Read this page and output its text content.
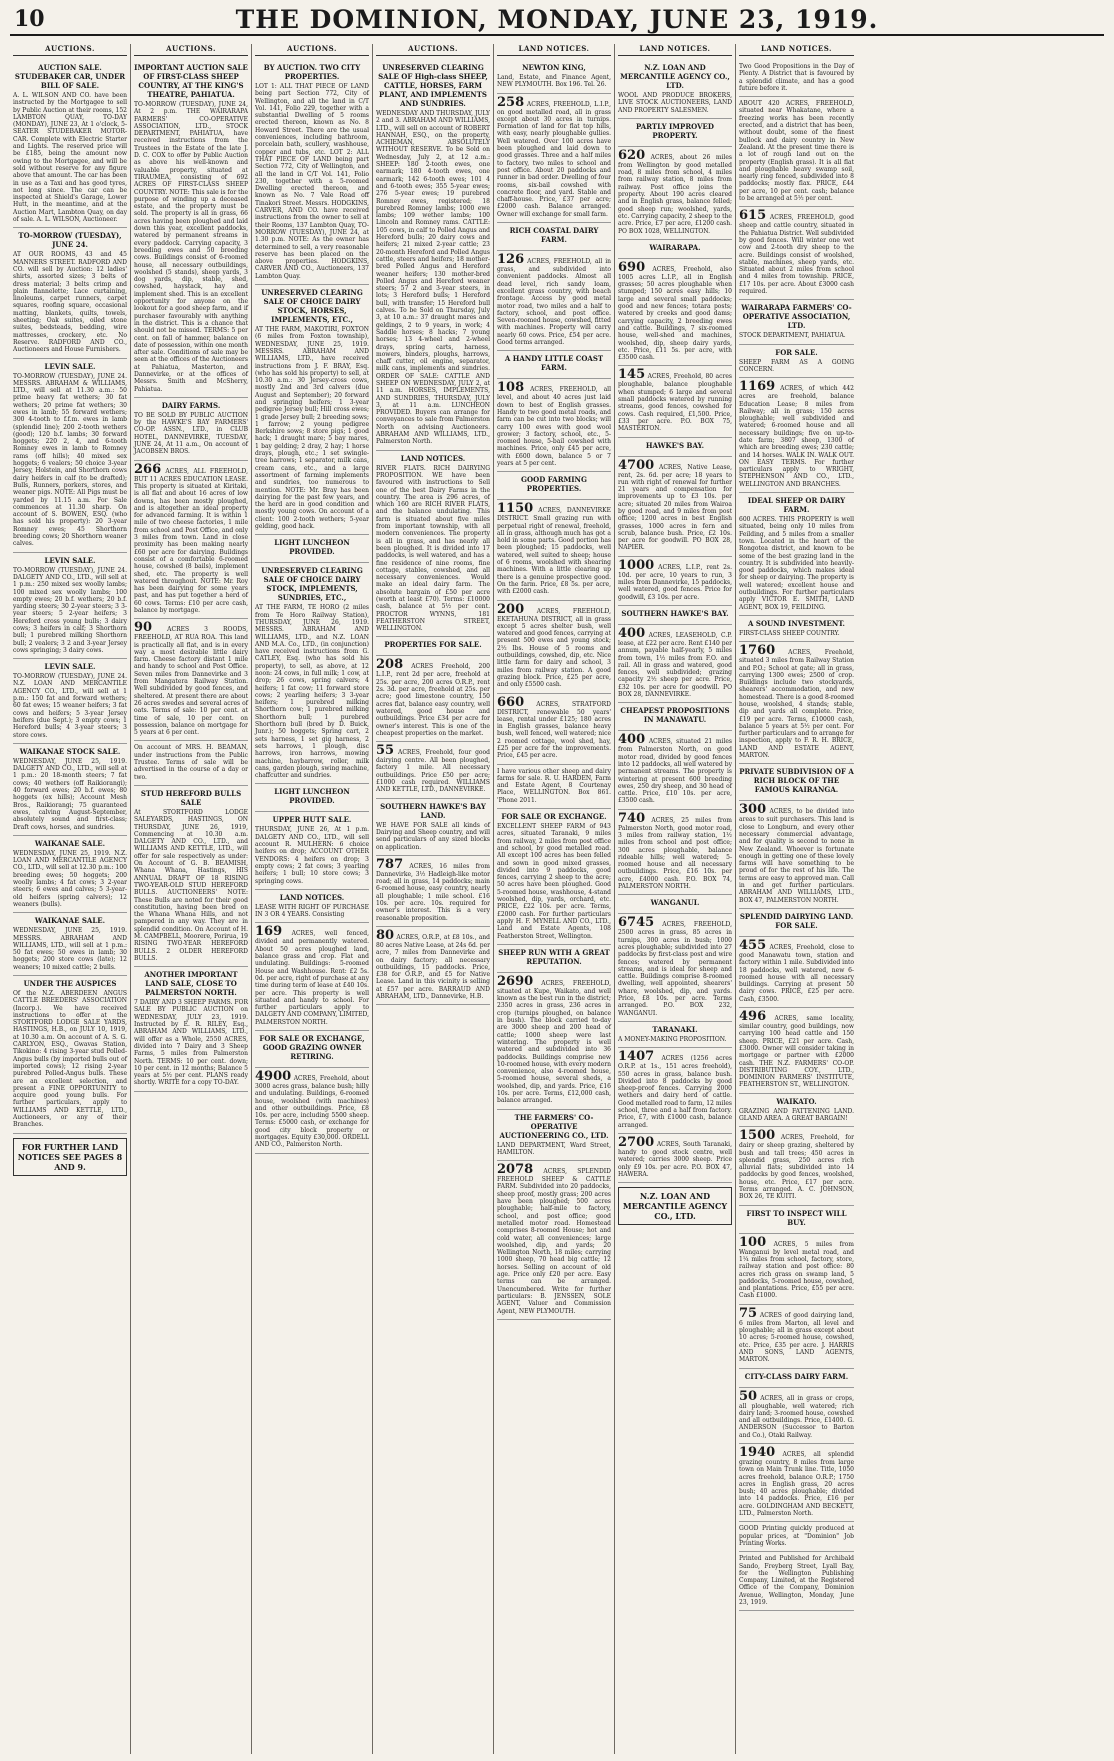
10	THE DOMINION, MONDAY, JUNE 23, 1919.
AUCTIONS.
AUCTION SALE. STUDEBAKER CAR, UNDER BILL OF SALE.
A. L. WILSON AND CO. have been instructed by the Mortgagee to sell by Public Auction at their rooms, 152 LAMBTON QUAY, TO-DAY (MONDAY), JUNE 23, At 1 o'clock, 5-SEATER STUDEBAKER MOTOR-CAR. Complete with Electric Starter and Lights. The reserved price will be £185, being the amount now owing to the Mortgagee, and will be sold without reserve for any figure above that amount. The car has been in use as a Taxi and has good tyres, not long since. The car can be inspected at Shield's Garage, Lower Hutt, in the meantime, and at the Auction Mart, Lambton Quay, on day of sale. A. L. WILSON, Auctioneer.
TO-MORROW (TUESDAY), JUNE 24.
AT OUR ROOMS, 43 and 45 MANNERS STREET. RADFORD AND CO. will sell by Auction: 12 ladies' shirts, assorted sizes; 3 belts of dress material; 3 belts crimp and plain flannelette; Lace curtaining, linoleums, carpet runners, carpet squares, roofing square, occasional matting, blankets, quilts, towels, sheeting; Oak suites, oiled stone suites, bedsteads, bedding, wire mattresses, crockery, etc. No Reserve. RADFORD AND CO., Auctioneers and House Furnishers.
LEVIN SALE.
TO-MORROW (TUESDAY), JUNE 24. MESSRS. ABRAHAM & WILLIAMS, LTD., will sell at 11.30 a.m.: 50 prime heavy fat wethers; 30 fat wethers; 20 prime fat wethers; 30 ewes in lamb; 55 forward wethers; 300 4-tooth to f.f.m. ewes in lamb (splendid line); 200 2-tooth wethers (good); 120 b.f. lambs; 30 forward hoggets; 220 2, 4, and 6-tooth Romney ewes in lamb to Romney rams (off hills); 40 mixed sex hoggets; 6 vealers; 50 choice 3-year Jersey, Holstein, and Shorthorn cows dairy heifers in calf (to be drafted); Bulls, Runners, porkers, stores, and weaner pigs. NOTE: All Pigs must be yarded by 11.15 a.m. For Sale commences at 11.30 sharp. On account of S. BOWEN, ESQ. (who has sold his property): 20 3-year Romney ewes; 45 Shorthorn breeding cows; 20 Shorthorn weaner calves.
LEVIN SALE.
TO-MORROW (TUESDAY), JUNE 24. DALGETY AND CO., LTD., will sell at 1 p.m.: 250 mixed sex woolly lambs; 100 mixed sex woolly lambs; 100 empty ewes; 20 b.f. wethers; 20 b.f. yarding steers; 30 2-year steers; 3 3-year steers; 5 2-year heifers; 3 Hereford cross young bulls; 3 dairy cows; 3 heifers in calf; 3 Shorthorn bull; 1 purebred milking Shorthorn bull; 2 vealers; 3 2 and 3-year Jersey cows springing; 3 dairy cows.
LEVIN SALE.
TO-MORROW (TUESDAY), JUNE 24. N.Z. LOAN AND MERCANTILE AGENCY CO., LTD., will sell at 1 p.m.: 150 fat and forward wethers; 60 fat ewes; 15 weaner heifers; 3 fat cows and heifers; 5 3-year Jersey heifers (due Sept.); 3 empty cows; 1 Hereford bulls; 4 3-year steers; 3 store cows.
WAIKANAE STOCK SALE.
WEDNESDAY, JUNE 25, 1919. DALGETY AND CO., LTD., will sell at 1 p.m.: 20 18-month steers; 7 fat cows; 40 wethers (off Raikiorangi); 40 forward ewes; 20 b.f. ewes; 80 hoggets (ex hills); Account Mesh Bros., Raikiorangi; 75 guaranteed ewes, calving August-September, absolutely sound and first-class; Draft cows, horses, and sundries.
WAIKANAE SALE.
WEDNESDAY, JUNE 25, 1919. N.Z. LOAN AND MERCANTILE AGENCY CO., LTD., will sell at 12.30 p.m.: 100 breeding ewes; 50 hoggets; 200 woolly lambs; 4 fat cows; 3 2-year steers; 6 ewes and calves; 5 3-year-old heifers (spring calvers); 12 weaners (bulls).
WAIKANAE SALE.
WEDNESDAY, JUNE 25, 1919. MESSRS. ABRAHAM AND WILLIAMS, LTD., will sell at 1 p.m.: 50 fat ewes; 50 ewes in lamb; 30 hoggets; 200 store cows (late); 12 weaners; 10 mixed cattle; 2 bulls.
UNDER THE AUSPICES
Of the N.Z. ABERDEEN ANGUS CATTLE BREEDERS' ASSOCIATION (Incorp.). We have received instructions to offer at the STORTFORD LODGE SALE YARDS, HASTINGS, H.B., on JULY 10, 1919, at 10.30 a.m. On account of A. S. G. CARLYON, ESQ., Gwavas Station, Tikokino: 4 rising 3-year stud Polled-Angus bulls (by imported bulls out of imported cows); 12 rising 2-year purebred Polled-Angus bulls. These are an excellent selection, and present a FINE OPPORTUNITY to acquire good young bulls. For further particulars, apply to WILLIAMS AND KETTLE, LTD., Auctioneers, or any of their Branches.
FOR FURTHER LAND NOTICES SEE PAGES 8 AND 9.
AUCTIONS.
IMPORTANT AUCTION SALE OF FIRST-CLASS SHEEP COUNTRY, AT THE KING'S THEATRE, PAHIATUA.
TO-MORROW (TUESDAY), JUNE 24, At 2 p.m. THE WAIRARAPA FARMERS' CO-OPERATIVE ASSOCIATION, LTD., STOCK DEPARTMENT, PAHIATUA, have received instructions from the Trustees in the Estate of the late J. D. C. COX to offer by Public Auction as above his well-known and valuable property, situated at TIRAUMEA, consisting of 692 ACRES OF FIRST-CLASS SHEEP COUNTRY. NOTE: This sale is for the purpose of winding up a deceased estate, and the property must be sold. The property is all in grass, 66 acres having been ploughed and laid down this year, excellent paddocks, watered by permanent streams in every paddock. Carrying capacity, 3 breeding ewes and 50 breeding cows. Buildings consist of 6-roomed house, all necessary outbuildings, woolshed (5 stands), sheep yards, 3 dog yards, dip, stable, shed, cowshed, haystack, hay and implement shed. This is an excellent opportunity for anyone on the lookout for a good sheep farm, and if purchaser favourably with anything in the district. This is a chance that should not be missed. TERMS: 5 per cent. on fall of hammer, balance on date of possession, within one month after sale. Conditions of sale may be seen at the offices of the Auctioneers at Pahiatua, Masterton, and Dannevirke, or at the offices of Messrs. Smith and McSherry, Pahiatua.
DAIRY FARMS.
TO BE SOLD BY PUBLIC AUCTION by the HAWKE'S BAY FARMERS' CO-OP. ASSN., LTD., in CLUB HOTEL, DANNEVIRKE, TUESDAY, JUNE 24, At 11 a.m., On account of JACOBSEN BROS.
266 ACRES, ALL FREEHOLD, BUT 11 ACRES EDUCATION LEASE. This property is situated at Kiritaki, is all flat and about 16 acres of low downs, has been mostly ploughed, and is altogether an ideal property for advanced farming. It is within 1 mile of two cheese factories, 1 mile from school and Post Office, and only 3 miles from town. Land in close proximity has been making nearly £60 per acre for dairying. Buildings consist of a comfortable 6-roomed house, cowshed (8 bails), implement shed, etc. The property is well watered throughout. NOTE: Mr. Roy has been dairying for some years past, and has put together a herd of 60 cows. Terms: £10 per acre cash, balance by mortgage.
90	ACRES 3 ROODS, FREEHOLD, AT RUA ROA. This land is practically all flat, and is in every way a most desirable little dairy farm. Cheese factory distant 1 mile and handy to school and Post Office. Seven miles from Dannevirke and 3 from Mangatera Railway Station. Well subdivided by good fences, and sheltered. At present there are about 26 acres swedes and several acres of oats. Terms of sale: 10 per cent. at time of sale, 10 per cent. on possession, balance on mortgage for 5 years at 6 per cent.
On account of MRS. H. BEAMAN, under instructions from the Public Trustee. Terms of sale will be advertised in the course of a day or two.
STUD HEREFORD BULLS SALE
At STORTFORD LODGE SALEYARDS, HASTINGS, ON THURSDAY, JUNE 26, 1919, Commencing at 10.30 a.m. DALGETY AND CO., LTD., and WILLIAMS AND KETTLE, LTD., will offer for sale respectively as under: On Account of G. B. BEAMISH, Whana Whana, Hastings, HIS ANNUAL DRAFT OF 18 RISING TWO-YEAR-OLD STUD HEREFORD BULLS. AUCTIONEERS' NOTE: These Bulls are noted for their good constitution, having been bred on the Whana Whana Hills, and not pampered in any way. They are in splendid condition. On Account of H. M. CAMPBELL, Moorere, Porirua, 19 RISING TWO-YEAR HEREFORD BULLS. 2 OLDER HEREFORD BULLS.
ANOTHER IMPORTANT LAND SALE, CLOSE TO PALMERSTON NORTH.
7 DAIRY AND 3 SHEEP FARMS. FOR SALE BY PUBLIC AUCTION on WEDNESDAY, JULY 23, 1919. Instructed by E. R. RILEY, Esq., ABRAHAM AND WILLIAMS, LTD., will offer as a Whole, 2550 ACRES, divided into 7 Dairy and 3 Sheep Farms, 5 miles from Palmerston North. TERMS: 10 per cent. down; 10 per cent. in 12 months; Balance 5 years at 5½ per cent. PLANS ready shortly. WRITE for a copy TO-DAY.
AUCTIONS.
BY AUCTION. TWO CITY PROPERTIES.
LOT 1: ALL THAT PIECE OF LAND being part Section 772, City of Wellington, and all the land in C/T Vol. 141, Folio 229, together with a substantial Dwelling of 5 rooms erected thereon, known as No. 8 Howard Street. There are the usual conveniences, including bathroom, porcelain bath, scullery, washhouse, copper and tubs, etc. LOT 2: ALL THAT PIECE OF LAND being part Section 772, City of Wellington, and all the land in C/T Vol. 141, Folio 230, together with a 5-roomed Dwelling erected thereon, and known as No. 7 Vale Road off Tinakori Street. Messrs. HODGKINS, CARVER, AND CO. have received instructions from the owner to sell at their Rooms, 137 Lambton Quay, TO-MORROW (TUESDAY), JUNE 24, at 1.30 p.m. NOTE: As the owner has determined to sell, a very reasonable reserve has been placed on the above properties. HODGKINS, CARVER AND CO., Auctioneers, 137 Lambton Quay.
UNRESERVED CLEARING SALE OF CHOICE DAIRY STOCK, HORSES, IMPLEMENTS, ETC.,
AT THE FARM, MAKOTIRI, FOXTON (6 miles from Foxton township), WEDNESDAY, JUNE 25, 1919. MESSRS. ABRAHAM AND WILLIAMS, LTD., have received instructions from J. F. BRAY, Esq. (who has sold his property) to sell, at 10.30 a.m.: 30 Jersey-cross cows, mostly 2nd and 3rd calvers (due August and September); 20 forward and springing heifers; 1 3-year pedigree Jersey bull; Hill cross ewes; 1 grade Jersey bull; 2 breeding sows; 1 farrow; 2 young pedigree Berkshire sows; 8 store pigs; 1 good hack; 1 draught mare; 5 bay mares, 1 bay gelding; 2 dray, 2 hay; 1 horse drays, plough, etc.; 1 set swingle-tree harrows; 1 separator, milk cans, cream cans, etc., and a large assortment of farming implements and sundries, too numerous to mention. NOTE: Mr. Bray has been dairying for the past few years, and the herd are in good condition and mostly young cows. On account of a client: 100 2-tooth wethers; 5-year gelding, good hack.
LIGHT LUNCHEON PROVIDED.
UNRESERVED CLEARING SALE OF CHOICE DAIRY STOCK, IMPLEMENTS, SUNDRIES, ETC.,
AT THE FARM, TE HORO (2 miles from Te Horo Railway Station), THURSDAY, JUNE 26, 1919. MESSRS. ABRAHAM AND WILLIAMS, LTD., and N.Z. LOAN AND M.A. Co., LTD., (in conjunction) have received instructions from G. CATLEY, Esq. (who has sold his property), to sell, as above, at 12 noon: 24 cows, in full milk; 1 cow, at drop; 26 cows, spring calvers; 4 heifers; 1 fat cow; 11 forward store cows; 2 yearling heifers; 3 3-year heifers; 1 purebred milking Shorthorn cow; 1 purebred milking Shorthorn bull; 1 purebred Shorthorn bull (bred by D. Buick, Junr.); 50 hoggets; Spring cart, 2 sets harness, 1 set gig harness, 2 sets harrows, 1 plough, disc harrows, iron harrows, mowing machine, haybarrow, roller, milk cans, garden plough, swing machine, chaffcutter and sundries.
LIGHT LUNCHEON PROVIDED.
UPPER HUTT SALE.
THURSDAY, JUNE 26, At 1 p.m. DALGETY AND CO., LTD., will sell account R. MULHERN: 6 choice heifers on drop; ACCOUNT OTHER VENDORS: 4 heifers on drop; 3 empty cows; 2 fat cows; 3 yearling heifers; 1 bull; 10 store cows; 3 springing cows.
LAND NOTICES.
LEASE WITH RIGHT OF PURCHASE IN 3 OR 4 YEARS. Consisting
169 ACRES, well fenced, divided and permanently watered. About 50 acres ploughed land, balance grass and crop. Flat and undulating. Buildings: 5-roomed House and Washhouse. Rent: £2 5s. 0d. per acre, right of purchase at any time during term of lease at £40 10s. per acre. This property is well situated and handy to school. For further particulars apply to DALGETY AND COMPANY, LIMITED, PALMERSTON NORTH.
FOR SALE OR EXCHANGE, GOOD GRAZING OWNER RETIRING.
4900 ACRES, Freehold, about 3000 acres grass, balance bush; hilly and undulating. Buildings, 6-roomed house, woolshed (with machines) and other outbuildings. Price, £8 10s. per acre, including 5500 sheep. Terms: £5000 cash, or exchange for good city block property or mortgages. Equity £30,000. ORDELL AND CO., Palmerston North.
AUCTIONS.
UNRESERVED CLEARING SALE OF High-class SHEEP, CATTLE, HORSES, FARM PLANT, AND IMPLEMENTS AND SUNDRIES.
WEDNESDAY AND THURSDAY, JULY 2 and 3. ABRAHAM AND WILLIAMS, LTD., will sell on account of ROBERT HANNAH, ESQ., on the property, ACHIEMAN, ABSOLUTELY WITHOUT RESERVE. To be Sold on Wednesday, July 2, at 12 a.m.: SHEEP: 180 2-tooth ewes, one earmark; 180 4-tooth ewes, one earmark; 142 6-tooth ewes; 101 4 and 6-tooth ewes; 355 5-year ewes; 276 5-year ewes; 19 purebred Romney ewes, registered; 18 purebred Romney lambs; 1000 ewe lambs; 109 wether lambs; 100 Lincoln and Romney rams. CATTLE: 105 cows, in calf to Polled Angus and Hereford bulls; 20 dairy cows and heifers; 21 mixed 2-year cattle; 23 20-month Hereford and Polled Angus cattle, steers and heifers; 18 mother-bred Polled Angus and Hereford weaner heifers; 130 mother-bred Polled Angus and Hereford weaner steers; 57 2 and 3-year steers, in lots; 3 Hereford bulls; 1 Hereford bull, with transfer; 15 Hereford bull calves. To be Sold on Thursday, July 3, at 10 a.m.: 37 draught mares and geldings, 2 to 9 years, in work; 4 Saddle horses; 8 hacks; 7 young horses; 13 4-wheel and 2-wheel drays, spring carts, harness, mowers, binders, ploughs, harrows, chaff cutter, oil engine, separator, milk cans, implements and sundries. ORDER OF SALE: CATTLE AND SHEEP ON WEDNESDAY, JULY 2, at 11 a.m. HORSES, IMPLEMENTS, AND SUNDRIES, THURSDAY, JULY 3, at 11 a.m. LUNCHEON PROVIDED. Buyers can arrange for conveyances to sale from Palmerston North on advising Auctioneers. ABRAHAM AND WILLIAMS, LTD., Palmerston North.
LAND NOTICES.
RIVER FLATS. RICH DAIRYING PROPOSITION. WE have been favoured with instructions to Sell one of the best Dairy Farms in the country. The area is 296 acres, of which 160 are RICH RIVER FLATS, and the balance undulating. This farm is situated about five miles from important township, with all modern conveniences. The property is all in grass, and has nearly all been ploughed. It is divided into 17 paddocks, is well watered, and has a fine residence of nine rooms, fine cottage, stables, cowshed, and all necessary conveniences. Would make an ideal dairy farm. The absolute bargain of £50 per acre (worth at least £70). Terms: £10000 cash, balance at 5½ per cent. PROCTOR WYNNS, 181 FEATHERSTON STREET, WELLINGTON.
PROPERTIES FOR SALE.
208 ACRES Freehold, 200 L.I.P., rent 2d per acre, freehold at 25s. per acre, 200 acres O.R.P., rent 2s. 3d. per acre, freehold at 25s. per acre; good limestone country, 150 acres flat, balance easy country, well watered, good house and outbuildings. Price £34 per acre for owner's interest. This is one of the cheapest properties on the market.
55 ACRES, Freehold, four good dairying centre. All been ploughed, factory 1 mile. All necessary outbuildings. Price £50 per acre; £1000 cash required. WILLIAMS AND KETTLE, LTD., DANNEVIRKE.
SOUTHERN HAWKE'S BAY LAND.
WE HAVE FOR SALE all kinds of Dairying and Sheep country, and will send particulars of any sized blocks on application.
787 ACRES, 16 miles from Dannevirke, 3½ Hadleigh-like motor road; all in grass, 14 paddocks; main 6-roomed house, easy country, nearly all ploughable; 1 mile school. £16 10s. per acre. 10s. required for owner's interest. This is a very reasonable proposition.
80 ACRES, O.R.P., at £8 10s., and 80 acres Native Lease, at 24s 6d. per acre, 7 miles from Dannevirke and on dairy factory; all necessary outbuildings, 15 paddocks. Price, £38 for O.R.P., and £5 for Native Lease. Land in this vicinity is selling at £57 per acre. BARRAUD AND ABRAHAM, LTD., Dannevirke, H.B.
LAND NOTICES.
NEWTON KING,
Land, Estate, and Finance Agent, NEW PLYMOUTH. Box 196. Tel. 26.
258 ACRES, FREEHOLD, L.I.P., on good metalled road, all in grass except about 30 acres in turnips. Formation of land for flat top hills, with easy, nearly ploughable gullies. Well watered. Over 100 acres have been ploughed and laid down to good grasses. Three and a half miles to factory, two miles to school and post office. About 20 paddocks and runner in bad order. Dwelling of four rooms, six-bail cowshed with concrete floor, and yard. Stable and chaff-house. Price, £37 per acre; £2000 cash. Balance arranged. Owner will exchange for small farm.
RICH COASTAL DAIRY FARM.
126 ACRES, FREEHOLD, all in grass, and subdivided into convenient paddocks. Almost all dead level, rich sandy loam, excellent grass country, with beach frontage. Access by good metal motor road, two miles and a half to factory, school, and post office. Seven-roomed house, cowshed, fitted with machines. Property will carry nearly 60 cows. Price, £54 per acre. Good terms arranged.
A HANDY LITTLE COAST FARM.
108 ACRES, FREEHOLD, all level, and about 40 acres just laid down to best of English grasses. Handy to two good metal roads, and farm can be cut into two blocks; will carry 100 ewes with good wool grower; 3 factory, school, etc., 5-roomed house, 5-bail cowshed with machines. Price, only £45 per acre, with £600 down, balance 5 or 7 years at 5 per cent.
GOOD FARMING PROPERTIES.
1150 ACRES, DANNEVIRKE DISTRICT. Small grazing run with perpetual right of renewal, freehold, all in grass, although much has got a hold in some parts. Good portion has been ploughed; 15 paddocks, well watered, well suited to sheep; house of 6 rooms, woolshed with shearing machines. With a little clearing up there is a genuine prospective good. On the farm. Price, £8 5s. per acre, with £2000 cash.
200 ACRES, FREEHOLD, EKETAHUNA DISTRICT, all in grass except 5 acres shelter bush, well watered and good fences, carrying at present 500 ewes and young stock; 2½ Ibs. House of 5 rooms and outbuildings, cowshed, dip, etc. Nice little farm for dairy and school, 3 miles from railway station. A good grazing block. Price, £25 per acre, and only £5500 cash.
660 ACRES, STRATFORD DISTRICT, renewable 50 years' lease, rental under £125; 180 acres in English grasses, balance heavy bush, well fenced, well watered; nice 2 roomed cottage, wool shed, hay, £25 per acre for the improvements. Price, £45 per acre.
I have various other sheep and dairy farms for sale. R. U. HARDEN, Farm and Estate Agent, 8 Courtenay Place, WELLINGTON. Box 861. 'Phone 2011.
FOR SALE OR EXCHANGE.
EXCELLENT SHEEP FARM of 943 acres, situated Taranaki, 9 miles from railway, 2 miles from post office and school, by good metalled road. All except 100 acres has been felled and sown in good mixed grasses, divided into 9 paddocks, good fences, carrying 2 sheep to the acre; 50 acres have been ploughed. Good 5-roomed house, washhouse, 4-stand woolshed, dip, yards, orchard, etc. PRICE, £22 10s. per acre. Terms, £2000 cash. For further particulars apply H. F. MYNELL AND CO., LTD., Land and Estate Agents, 108 Featherston Street, Wellington.
SHEEP RUN WITH A GREAT REPUTATION.
2690 ACRES, FREEHOLD, situated at Kupe, Waikato, and well known as the best run in the district; 2350 acres in grass, 236 acres in crop (turnips ploughed, on balance in bush). The block carried to-day are 3000 sheep and 200 head of cattle; 1000 sheep were last wintering. The property is well watered and subdivided into 36 paddocks. Buildings comprise new 10-roomed house, with every modern convenience, also 4-roomed house, 5-roomed house, several sheds, a woolshed, dip, and yards. Price, £16 10s. per acre. Terms, £12,000 cash, balance arranged.
THE FARMERS' CO-OPERATIVE AUCTIONEERING CO., LTD.
LAND DEPARTMENT, Ward Street, HAMILTON.
2078 ACRES, SPLENDID FREEHOLD SHEEP & CATTLE FARM. Subdivided into 20 paddocks, sheep proof, mostly grass; 200 acres have been ploughed; 500 acres ploughable; half-mile to factory, school, and post office; good metalled motor road. Homestead comprises 8-roomed House; hot and cold water, all conveniences; large woolshed, dip, and yards; 20 Wellington North, 18 miles; carrying 1000 sheep, 70 head big cattle; 12 horses. Selling on account of old age. Price only £20 per acre. Easy terms can be arranged. Unencumbered. Write for further particulars: B. JENSSEN, SOLE AGENT, Valuer and Commission Agent, NEW PLYMOUTH.
LAND NOTICES.
N.Z. LOAN AND MERCANTILE AGENCY CO., LTD.
WOOL AND PRODUCE BROKERS, LIVE STOCK AUCTIONEERS, LAND AND PROPERTY SALESMEN.
PARTLY IMPROVED PROPERTY.
620 ACRES, about 26 miles from Wellington by good metalled road, 8 miles from school, 4 miles from railway station, 8 miles from railway. Post office joins the property. About 190 acres cleared and in English grass, balance felled; good sheep run; woolshed, yards, etc. Carrying capacity, 2 sheep to the acre. Price, £7 per acre, £1200 cash. PO BOX 1028, WELLINGTON.
WAIRARAPA.
690 ACRES, Freehold, also 1005 acres L.I.P., all in English grasses; 50 acres ploughable when stumped; 150 acres easy hills; 10 large and several small paddocks; good and new fences; totara posts; watered by creeks and good dams; carrying capacity, 2 breeding ewes and cattle. Buildings, 7 six-roomed house, well-shed and machines, woolshed, dip, sheep dairy yards, etc. Price, £11 5s. per acre, with £3500 cash.
145 ACRES, Freehold, 80 acres ploughable, balance ploughable when stumped; 6 large and several small paddocks watered by running streams, good fences, cowshed for cows. Cash required, £1,500. Price, £33 per acre. P.O. BOX 75, MASTERTON.
HAWKE'S BAY.
4700 ACRES, Native Lease, rent, 2s. 6d. per acre; 18 years to run with right of renewal for further 21 years and compensation for improvements up to £3 10s. per acre; situated 20 miles from Wairoa by good road, and 9 miles from post office; 1200 acres in best English grasses, 1000 acres in fern and scrub, balance bush. Price, £2 10s. per acre for goodwill. PO BOX 28, NAPIER.
1000 ACRES, L.I.P., rent 2s. 10d. per acre, 10 years to run, 3 miles from Dannevirke, 15 paddocks, well watered, good fences. Price for goodwill, £3 10s. per acre.
SOUTHERN HAWKE'S BAY.
400 ACRES, LEASEHOLD, C.P. lease, at £22 per acre. Rent £140 per annum, payable half-yearly, 5 miles from town, 1½ miles from F.O. and rail. All in grass and watered, good fences, well subdivided; grazing capacity 2½ sheep per acre. Price, £32 10s. per acre for goodwill. PO BOX 28, DANNEVIRKE.
CHEAPEST PROPOSITIONS IN MANAWATU.
400 ACRES, situated 21 miles from Palmerston North, on good motor road, divided by good fences into 12 paddocks, all well watered by permanent streams. The property is wintering at present 600 breeding ewes, 250 dry sheep, and 30 head of cattle. Price, £10 10s. per acre, £3500 cash.
740 ACRES, 25 miles from Palmerston North, good motor road, 3 miles from railway station, 1½ miles from school and post office; 300 acres ploughable, balance rideable hills; well watered; 5-roomed house and all necessary outbuildings. Price, £16 10s. per acre, £4000 cash. P.O. BOX 74, PALMERSTON NORTH.
WANGANUI.
6745 ACRES, FREEHOLD, 2500 acres in grass, 85 acres in turnips, 300 acres in bush; 1000 acres ploughable; subdivided into 27 paddocks by first-class post and wire fences; watered by permanent streams, and is ideal for sheep and cattle. Buildings comprise 8-roomed dwelling, well appointed, shearers' whare, woolshed, dip, and yards. Price, £8 10s. per acre. Terms arranged. P.O. BOX 232, WANGANUI.
TARANAKI.
A MONEY-MAKING PROPOSITION.
1407 ACRES (1256 acres O.R.P. at 1s., 151 acres freehold), 550 acres in grass, balance bush. Divided into 8 paddocks by good sheep-proof fences. Carrying 2000 wethers and dairy herd of cattle. Good metalled road to farm, 12 miles school, three and a half from factory. Price, £7, with £1000 cash, balance arranged.
2700 ACRES, South Taranaki, handy to good stock centre, well watered; carries 3000 sheep. Price only £9 10s. per acre. P.O. BOX 47, HAWERA.
N.Z. LOAN AND MERCANTILE AGENCY CO., LTD.
LAND NOTICES.
Two Good Propositions in the Day of Plenty. A District that is favoured by a splendid climate, and has a good future before it.
ABOUT 420 ACRES, FREEHOLD, situated near Whakatane, where a freezing works has been recently erected, and a district that has been, without doubt, some of the finest bullock and dairy country in New Zealand. At the present time there is a lot of rough land out on the property (English grass). It is all flat and ploughable heavy swamp soil, nearly ring fenced, subdivided into 8 paddocks; mostly flax. PRICE, £44 per acre, 10 per cent. cash; balance to be arranged at 5½ per cent.
615 ACRES, FREEHOLD, good sheep and cattle country, situated in the Pahiatua District. Well subdivided by good fences. Will winter one wet cow and 2-tooth dry sheep to the acre. Buildings consist of woolshed, stable, machines, sheep yards, etc. Situated about 2 miles from school and 4 miles from township. PRICE, £17 10s. per acre. About £3000 cash required.
WAIRARAPA FARMERS' CO-OPERATIVE ASSOCIATION, LTD.
STOCK DEPARTMENT, PAHIATUA.
FOR SALE.
SHEEP FARM AS A GOING CONCERN.
1169 ACRES, of which 442 acres are freehold, balance Education Lease; 8 miles from Railway; all in grass; 150 acres ploughable; well subdivided and watered; 6-roomed house and all necessary buildings; five on up-to-date farm; 3807 sheep, 1300 of which are breeding ewes; 230 cattle; and 14 horses. WALK IN. WALK OUT. ON EASY TERMS. For further particulars apply to WRIGHT, STEPHENSON AND CO., LTD., WELLINGTON AND BRANCHES.
IDEAL SHEEP OR DAIRY FARM.
600 ACRES. THIS PROPERTY is well situated, being only 10 miles from Feilding, and 5 miles from a smaller town. Located in the heart of the Rongotea district, and known to be some of the best grazing land in the country. It is subdivided into heavily-good paddocks, which makes ideal for sheep or dairying. The property is well watered; excellent house and outbuildings. For further particulars apply VICTOR E. SMITH, LAND AGENT, BOX 19, FEILDING.
A SOUND INVESTMENT.
FIRST-CLASS SHEEP COUNTRY.
1760 ACRES, Freehold, situated 3 miles from Railway Station and P.O.; School at gate; all in grass, carrying 1300 ewes; 2500 of crop. Buildings include two stockyards, shearers' accommodation, and new homestead. There is a good 8-roomed house, woolshed, 4 stands; stable, dip and yards all complete. Price, £19 per acre. Terms, £10000 cash, balance 5 years at 5½ per cent. For further particulars and to arrange for inspection, apply to F. R. H. BRICE, LAND AND ESTATE AGENT, MARTON.
PRIVATE SUBDIVISION OF A RICH BLOCK OF THE FAMOUS KAIRANGA.
300 ACRES, to be divided into areas to suit purchasers. This land is close to Longburn, and every other necessary commercial advantage, and for quality is second to none in New Zealand. Whoever is fortunate enough in getting one of these lovely farms will have something to be proud of for the rest of his life. The terms are easy to approved man. Call in and get further particulars. ABRAHAM AND WILLIAMS, LTD., BOX 47, PALMERSTON NORTH.
SPLENDID DAIRYING LAND. FOR SALE.
455 ACRES, Freehold, close to good Manawatu town, station and factory within 1 mile. Subdivided into 18 paddocks, well watered, new 6-roomed house with all necessary buildings. Carrying at present 50 dairy cows. PRICE, £25 per acre. Cash, £3500.
496 ACRES, same locality, similar country, good buildings, now carrying 100 head cattle and 150 sheep. PRICE, £21 per acre. Cash, £3000. Owner will consider taking in mortgage or partner with £2000 cash. THE N.Z. FARMERS' CO-OP. DISTRIBUTING COY., LTD., DOMINION FARMERS' INSTITUTE, FEATHERSTON ST., WELLINGTON.
WAIKATO.
GRAZING AND FATTENING LAND. GLAND AREA. A GREAT BARGAIN!
1500 ACRES, Freehold, for dairy or sheep grazing, sheltered by bush and tall trees; 450 acres in splendid grass, 250 acres rich alluvial flats; subdivided into 14 paddocks by good fences, woolshed, house, etc. Price, £17 per acre. Terms arranged. A. C. JOHNSON, BOX 26, TE KUITI.
FIRST TO INSPECT WILL BUY.
100 ACRES, 5 miles from Wanganui by level metal road, and 1¼ miles from school, factory, store, railway station and post office: 80 acres rich grass on swamp land, 5 paddocks, 5-roomed house, cowshed, and plantations. Price, £55 per acre. Cash £1000.
75 ACRES of good dairying land, 6 miles from Marton, all level and ploughable; all in grass except about 10 acres; 5-roomed house, cowshed, etc. Price, £35 per acre. J. HARRIS AND SONS, LAND AGENTS, MARTON.
CITY-CLASS DAIRY FARM.
50 ACRES, all in grass or crops, all ploughable, well watered; rich dairy land; 3-roomed house, cowshed and all outbuildings. Price, £1400. G. ANDERSON (Successor to Barton and Co.), Otaki Railway.
1940 ACRES, all splendid grazing country, 8 miles from large town on Main Trunk line. Title, 1050 acres freehold, balance O.R.P.; 1750 acres in English grass, 20 acres bush; 40 acres ploughable; divided into 14 paddocks. Price, £16 per acre. GOLDINGHAM AND BECKETT, LTD., Palmerston North.
GOOD Printing quickly produced at popular prices, at "Dominion" Job Printing Works.
Printed and Published for Archibald Sando, Freyberg Street, Lyall Bay, for the Wellington Publishing Company, Limited, at the Registered Office of the Company, Dominion Avenue, Wellington, Monday, June 23, 1919.
